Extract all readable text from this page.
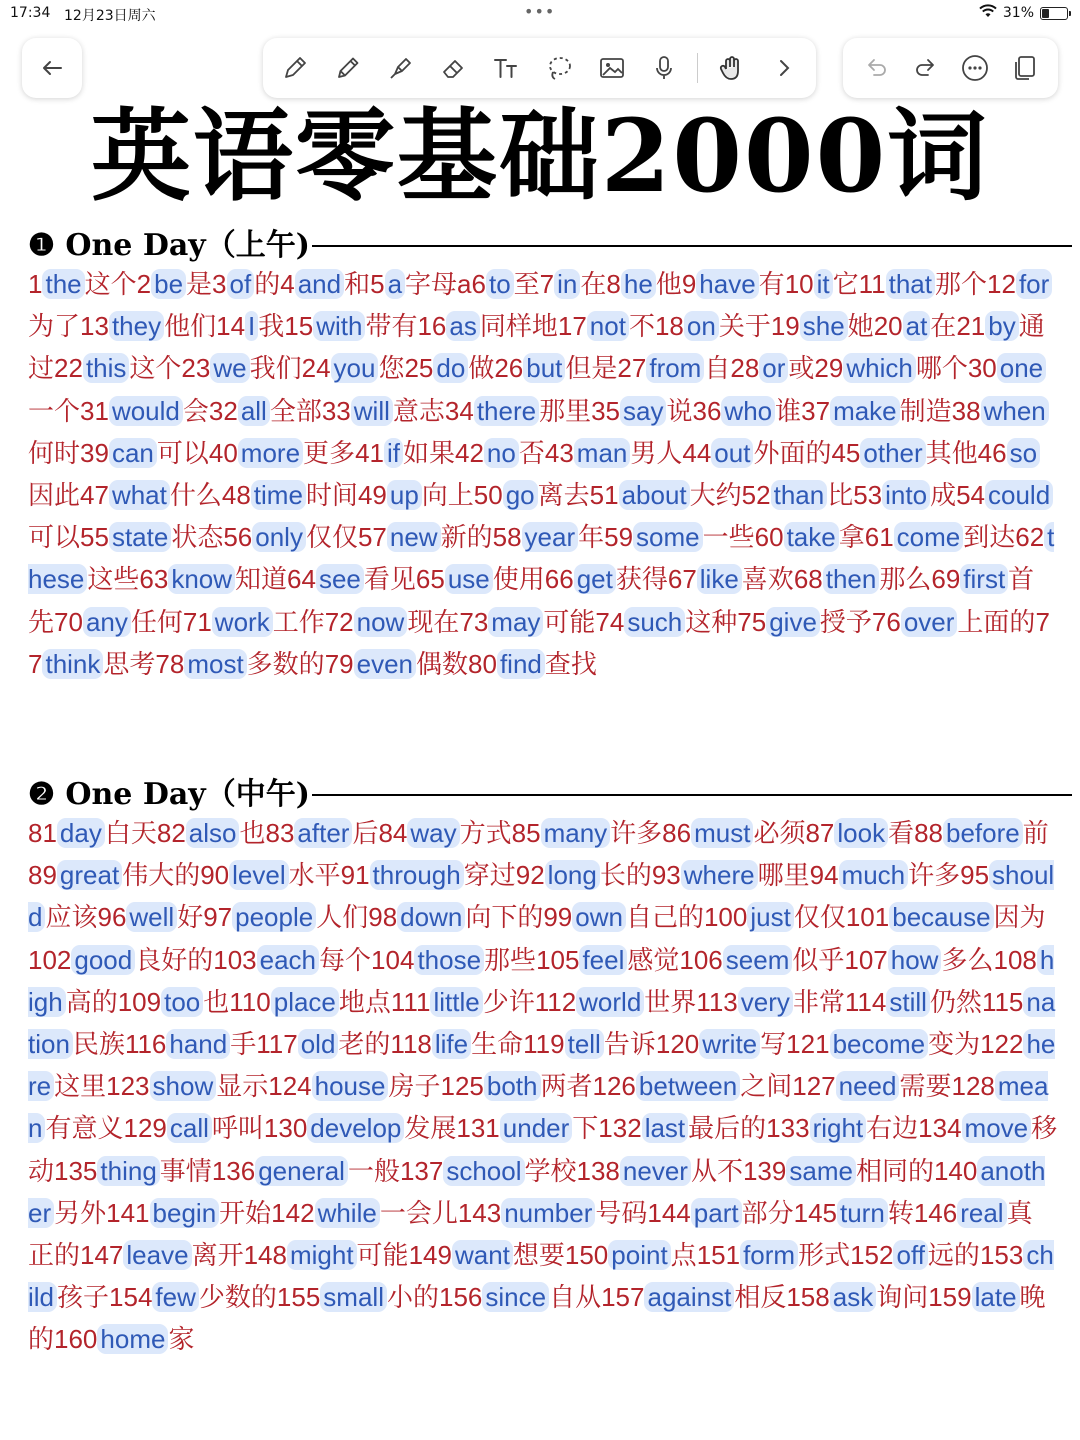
17:34 12月23日周六	•••	31%
英语零基础2000词
❶ One Day（上午)
1 the 这个2 be 是3 of 的4 and 和5 a 字母a6 to 至7 in 在8 he 他9 have 有10 it 它11 that 那个12 for为了13 they 他们14 I 我15 with 带有16 as 同样地17 not 不18 on 关于19 she 她20 at 在21 by 通过22 this 这个23 we 我们24 you 您25 do 做26 but 但是27 from 自28 or 或29 which 哪个30 one一个31 would 会32 all 全部33 will 意志34 there 那里35 say 说36 who 谁37 make 制造38 when何时39 can 可以40 more 更多41 if 如果42 no 否43 man 男人44 out 外面的45 other 其他46 so因此47 what 什么48 time 时间49 up 向上50 go 离去51 about 大约52 than 比53 into 成54 could可以55 state 状态56 only 仅仅57 new 新的58 year 年59 some 一些60 take 拿61 come 到达62 these 这些63 know 知道64 see 看见65 use 使用66 get 获得67 like 喜欢68 then 那么69 first 首先70 any 任何71 work 工作72 now 现在73 may 可能74 such 这种75 give 授予76 over 上面的77 think 思考78 most 多数的79 even 偶数80 find 查找
❷ One Day（中午)
81 day 白天82 also 也83 after 后84 way 方式85 many 许多86 must 必须87 look 看88 before 前89 great 伟大的90 level 水平91 through 穿过92 long 长的93 where 哪里94 much 许多95 should 应该96 well 好97 people 人们98 down 向下的99 own 自己的100 just 仅仅101 because 因为102 good 良好的103 each 每个104 those 那些105 feel 感觉106 seem 似乎107 how 多么108 high 高的109 too 也110 place 地点111 little 少许112 world 世界113 very 非常114 still 仍然115 nation 民族116 hand 手117 old 老的118 life 生命119 tell 告诉120 write 写121 become 变为122 here 这里123 show 显示124 house 房子125 both 两者126 between 之间127 need 需要128 mean 有意义129 call 呼叫130 develop 发展131 under 下132 last 最后的133 right 右边134 move 移动135 thing 事情136 general 一般137 school 学校138 never 从不139 same 相同的140 another 另外141 begin 开始142 while 一会儿143 number 号码144 part 部分145 turn 转146 real 真正的147 leave 离开148 might 可能149 want 想要150 point 点151 form 形式152 off 远的153 child 孩子154 few 少数的155 small 小的156 since 自从157 against 相反158 ask 询问159 late 晚的160 home 家
